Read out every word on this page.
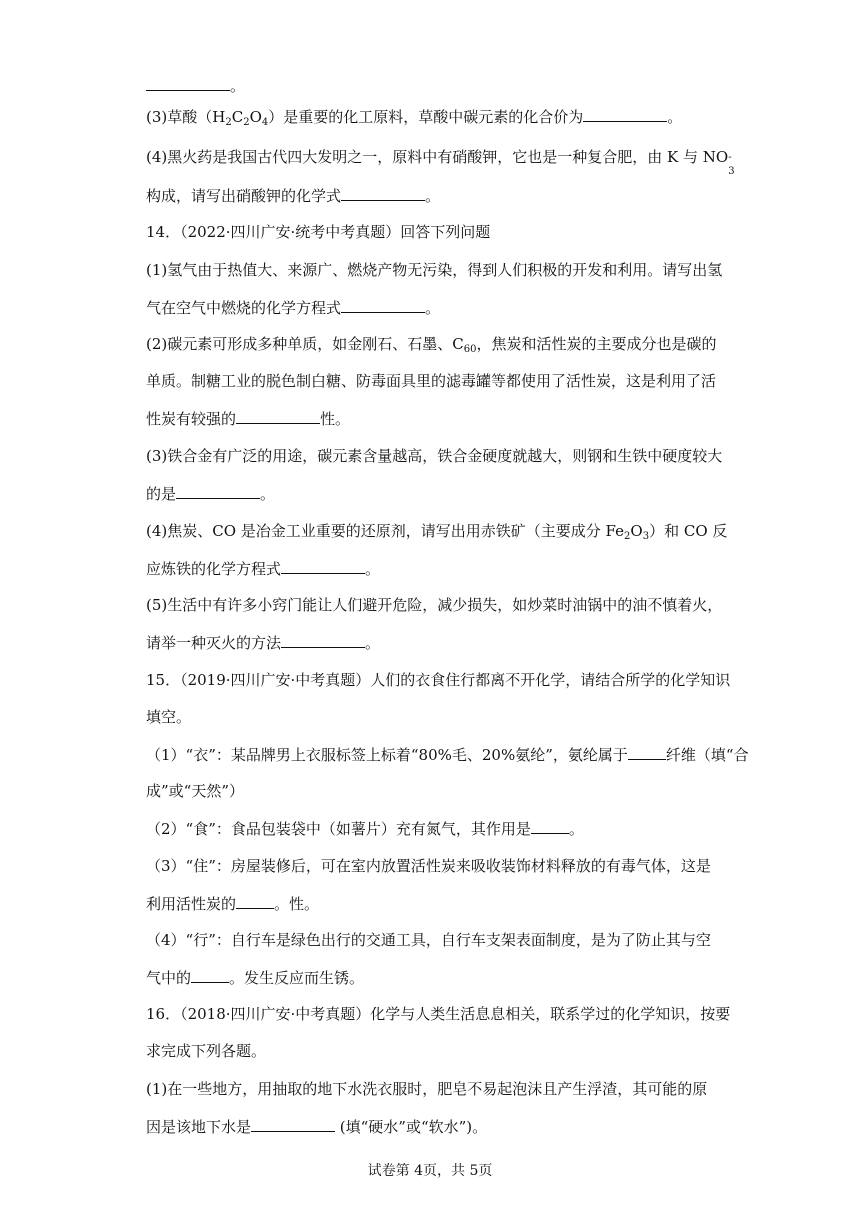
。
(3)草酸$(H_2C_2O_4)$是重要的化工原料，草酸中碳元素的化合价为	。
(4)黑火药是我国古代四大发明之一，原料中有硝酸钾，它也是一种复合肥，由 K 与 NO -
3
构成，请写出硝酸钾的化学式	。
14．（2022·四川广安·统考中考真题）回答下列问题
(1)氢气由于热值大、来源广、燃烧产物无污染，得到人们积极的开发和利用。请写出氢
气在空气中燃烧的化学方程式	。
(2)碳元素可形成多种单质，如金刚石、石墨、$C_{60}$，焦炭和活性炭的主要成分也是碳的
单质。制糖工业的脱色制白糖、防毒面具里的滤毒罐等都使用了活性炭，这是利用了活
性炭有较强的	性。
(3)铁合金有广泛的用途，碳元素含量越高，铁合金硬度就越大，则钢和生铁中硬度较大
的是	。
(4)焦炭、CO 是冶金工业重要的还原剂，请写出用赤铁矿（主要成分 $Fe_2O_3$）和 CO 反
应炼铁的化学方程式	。
(5)生活中有许多小窍门能让人们避开危险，减少损失，如炒菜时油锅中的油不慎着火，
请举一种灭火的方法	。
15．（2019·四川广安·中考真题）人们的衣食住行都离不开化学，请结合所学的化学知识
填空。
（1）“衣”：某品牌男上衣服标签上标着“80%毛、20%氨纶”，氨纶属于	纤维（填“合
成”或“天然”）
（2）“食”：食品包装袋中（如薯片）充有氮气，其作用是	。
（3）“住”：房屋装修后，可在室内放置活性炭来吸收装饰材料释放的有毒气体，这是
利用活性炭的	。性。
（4）“行”：自行车是绿色出行的交通工具，自行车支架表面制度，是为了防止其与空
气中的	。发生反应而生锈。
16．（2018·四川广安·中考真题）化学与人类生活息息相关，联系学过的化学知识，按要
求完成下列各题。
(1)在一些地方，用抽取的地下水洗衣服时，肥皂不易起泡沫且产生浮渣，其可能的原
因是该地下水是	(填“硬水”或“软水”)。
试卷第 4页，共 5页
